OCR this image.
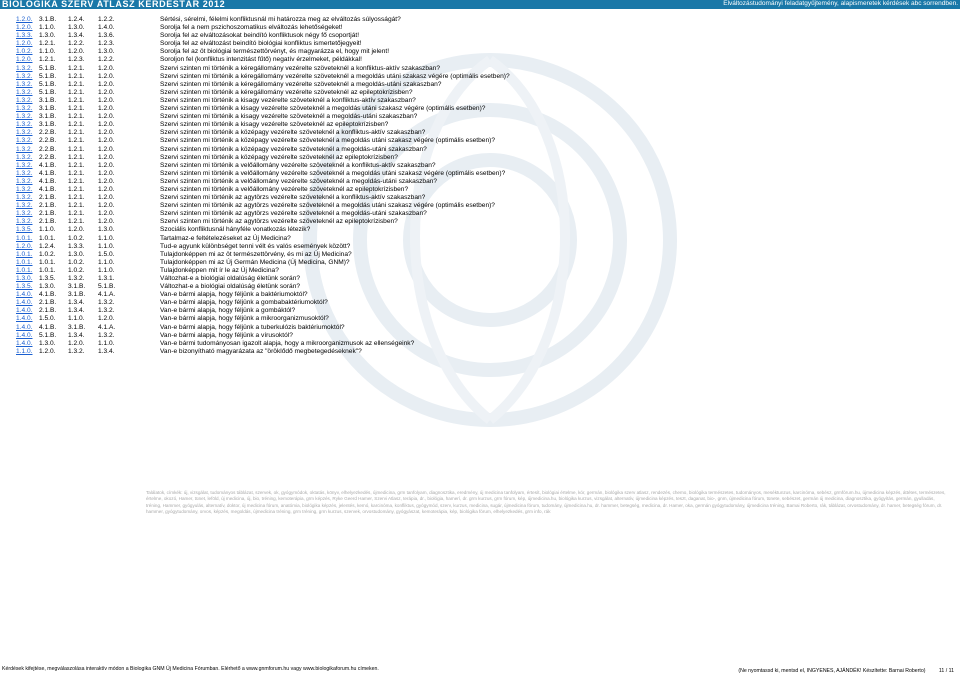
BIOLOGIKA SZERV ATLASZ KÉRDÉSTÁR 2012	Elváltozástudományi feladatgyűjtemény, alapismeretek kérdések abc sorrendben.
1.2.0. 3.1.B. 1.2.4. 1.2.2.	Sértési, sérelmi, félelmi konfliktusnál mi határozza meg az elváltozás súlyosságát?
1.2.0. 1.1.0. 1.3.0. 1.4.0.	Sorolja fel a nem pszichoszomatikus elváltozás lehetőségeket!
1.3.3. 1.3.0. 1.3.4. 1.3.6.	Sorolja fel az elváltozásokat beindító konfliktusok négy fő csoportját!
1.2.0. 1.2.1. 1.2.2. 1.2.3.	Sorolja fel az elváltozást beindító biológiai konfliktus ismertetőjegyeit!
1.0.2. 1.1.0. 1.2.0. 1.3.0.	Sorolja fel az öt biológiai természettörvényt, és magyarázza el, hogy mit jelent!
1.2.0. 1.2.1. 1.2.3. 1.2.2.	Soroljon fel (konfliktus intenzitást fűtő) negatív érzelmeket, példákkal!
1.3.2. 5.1.B. 1.2.1. 1.2.0.	Szervi szinten mi történik a kéregállomány vezérelte szöveteknél a konfliktus-aktív szakaszban?
1.3.2. 5.1.B. 1.2.1. 1.2.0.	Szervi szinten mi történik a kéregállomány vezérelte szöveteknél a megoldás utáni szakasz végére (optimális esetben)?
1.3.2. 5.1.B. 1.2.1. 1.2.0.	Szervi szinten mi történik a kéregállomány vezérelte szöveteknél a megoldás-utáni szakaszban?
1.3.2. 5.1.B. 1.2.1. 1.2.0.	Szervi szinten mi történik a kéregállomány vezérelte szöveteknél az epileptokrízisben?
1.3.2. 3.1.B. 1.2.1. 1.2.0.	Szervi szinten mi történik a kisagy vezérelte szöveteknél a konfliktus-aktív szakaszban?
1.3.2. 3.1.B. 1.2.1. 1.2.0.	Szervi szinten mi történik a kisagy vezérelte szöveteknél a megoldás utáni szakasz végére (optimális esetben)?
1.3.2. 3.1.B. 1.2.1. 1.2.0.	Szervi szinten mi történik a kisagy vezérelte szöveteknél a megoldás-utáni szakaszban?
1.3.2. 3.1.B. 1.2.1. 1.2.0.	Szervi szinten mi történik a kisagy vezérelte szöveteknél az epileptokrízisben?
1.3.2. 2.2.B. 1.2.1. 1.2.0.	Szervi szinten mi történik a középagy vezérelte szöveteknél a konfliktus-aktív szakaszban?
1.3.2. 2.2.B. 1.2.1. 1.2.0.	Szervi szinten mi történik a középagy vezérelte szöveteknél a megoldás utáni szakasz végére (optimális esetben)?
1.3.2. 2.2.B. 1.2.1. 1.2.0.	Szervi szinten mi történik a középagy vezérelte szöveteknél a megoldás-utáni szakaszban?
1.3.2. 2.2.B. 1.2.1. 1.2.0.	Szervi szinten mi történik a középagy vezérelte szöveteknél az epileptokrízisben?
1.3.2. 4.1.B. 1.2.1. 1.2.0.	Szervi szinten mi történik a velőállomány vezérelte szöveteknél a konfliktus-aktív szakaszban?
1.3.2. 4.1.B. 1.2.1. 1.2.0.	Szervi szinten mi történik a velőállomány vezérelte szöveteknél a megoldás utáni szakasz végére (optimális esetben)?
1.3.2. 4.1.B. 1.2.1. 1.2.0.	Szervi szinten mi történik a velőállomány vezérelte szöveteknél a megoldás-utáni szakaszban?
1.3.2. 4.1.B. 1.2.1. 1.2.0.	Szervi szinten mi történik a velőállomány vezérelte szöveteknél az epileptokrízisben?
1.3.2. 2.1.B. 1.2.1. 1.2.0.	Szervi szinten mi történik az agytörzs vezérelte szöveteknél a konfliktus-aktív szakaszban?
1.3.2. 2.1.B. 1.2.1. 1.2.0.	Szervi szinten mi történik az agytörzs vezérelte szöveteknél a megoldás utáni szakasz végére (optimális esetben)?
1.3.2. 2.1.B. 1.2.1. 1.2.0.	Szervi szinten mi történik az agytörzs vezérelte szöveteknél a megoldás-utáni szakaszban?
1.3.2. 2.1.B. 1.2.1. 1.2.0.	Szervi szinten mi történik az agytörzs vezérelte szöveteknél az epileptokrízisben?
1.3.5. 1.1.0. 1.2.0. 1.3.0.	Szociális konfliktusnál hányféle vonatkozás létezik?
1.0.1. 1.0.1. 1.0.2. 1.1.0.	Tartalmaz-e feltételezéseket az Új Medicina?
1.2.0. 1.2.4. 1.3.3. 1.1.0.	Tud-e agyunk különbséget tenni vélt és valós események között?
1.0.1. 1.0.2. 1.3.0. 1.5.0.	Tulajdonképpen mi az öt természettörvény, és mi az Új Medicina?
1.0.1. 1.0.1. 1.0.2. 1.1.0.	Tulajdonképpen mi az Új Germán Medicina (Új Medicina, GNM)?
1.0.1. 1.0.1. 1.0.2. 1.1.0.	Tulajdonképpen mit ír le az Új Medicina?
1.3.0. 1.3.5. 1.3.2. 1.3.1.	Változhat-e a biológiai oldalúság életünk során?
1.3.5. 1.3.0. 3.1.B. 5.1.B.	Változhat-e a biológiai oldalúság életünk során?
1.4.0. 4.1.B. 3.1.B. 4.1.A.	Van-e bármi alapja, hogy féljünk a baktériumoktól?
1.4.0. 2.1.B. 1.3.4. 1.3.2.	Van-e bármi alapja, hogy féljünk a gombabaktériumoktól?
1.4.0. 2.1.B. 1.3.4. 1.3.2.	Van-e bármi alapja, hogy féljünk a gombáktól?
1.4.0. 1.5.0. 1.1.0. 1.2.0.	Van-e bármi alapja, hogy féljünk a mikroorganizmusoktól?
1.4.0. 4.1.B. 3.1.B. 4.1.A.	Van-e bármi alapja, hogy féljünk a tuberkulózis baktériumoktól?
1.4.0. 5.1.B. 1.3.4. 1.3.2.	Van-e bármi alapja, hogy féljünk a vírusoktól?
1.4.0. 1.3.0. 1.2.0. 1.1.0.	Van-e bármi tudományosan igazolt alapja, hogy a mikroorganizmusok az ellenségeink?
1.1.0. 1.2.0. 1.3.2. 1.3.4.	Van-e bizonyítható magyarázata az "öröklődő megbetegedéseknek"?
Találatok, címkék: új, vizsgálat, tudományos táblázat, szervek, ok, gyógymódok, oktatás, könyv, elhelyezkedés, újmedicina, grm tanfolyam, diagnosztika, eredmény, új medicina tanfolyam, értesít, biológiai értelme, kór, germán, biológika szerv atlasz, rendezés, chemo, biológika természetes, tudományos, meséktunzus, karcinóma, sebész, grmfórum.hu, újmedicina képzés, áttétes, természetes, értelme, okozó, Hamer, tünet, leföld, új medicina, új, bio, tréning, kemoterápia, grm képzés, Ryke Geerd Hamer, Szervi Atlasz, terápia, dr., biológia, hamerí, dr. grm kurzus, grm fórum, kép, újmedicina.hu, biológika kurzus, vizsgálat, alternatív, újmedicina képzés, teszt, daganat, bio-, gnm, újmedicina fórum, tünete, sebészet, germán új medicina, diagnosztika, gyógyítás, germán, gyulladás, tréning, Hammer, gyógyulás, alternatív, doktor, új medicina fórum, anatómia, biológika képzés, jelentés, kemó, karcinóma, konfliktus, gyógymód, szerv, kurzus, medicina, sugár, újmedicina fórum, tudomány, újmedicina.hu, dr. hammer, betegség, medicina, dr. Hamer, oka, germán gyógytudomány, újmedicina tréning, Bamai Roberto, rák, táblázat, orvostudomány, dr. hamer, betegség fórum, dr. hammer, gyógytudomány, orvos, képzés, megoldás, újmedicina tréning, grm tréning, grm kurzus, szervek, orvostudomány, gyógyászat, kemoterápia, kép, biológika fórum, elhelyezkedés, grm info, rák
Kérdések kifejtése, megválaszolása interaktív módon a Biologika GNM Új Medicina Fórumban. Elérhető a www.gnmforum.hu vagy www.biologikaforum.hu címeken.	(Ne nyomtassd ki, mentsd el, INGYENES, AJÁNDÉK! Készítette: Barnai Roberto)	11 / 11
